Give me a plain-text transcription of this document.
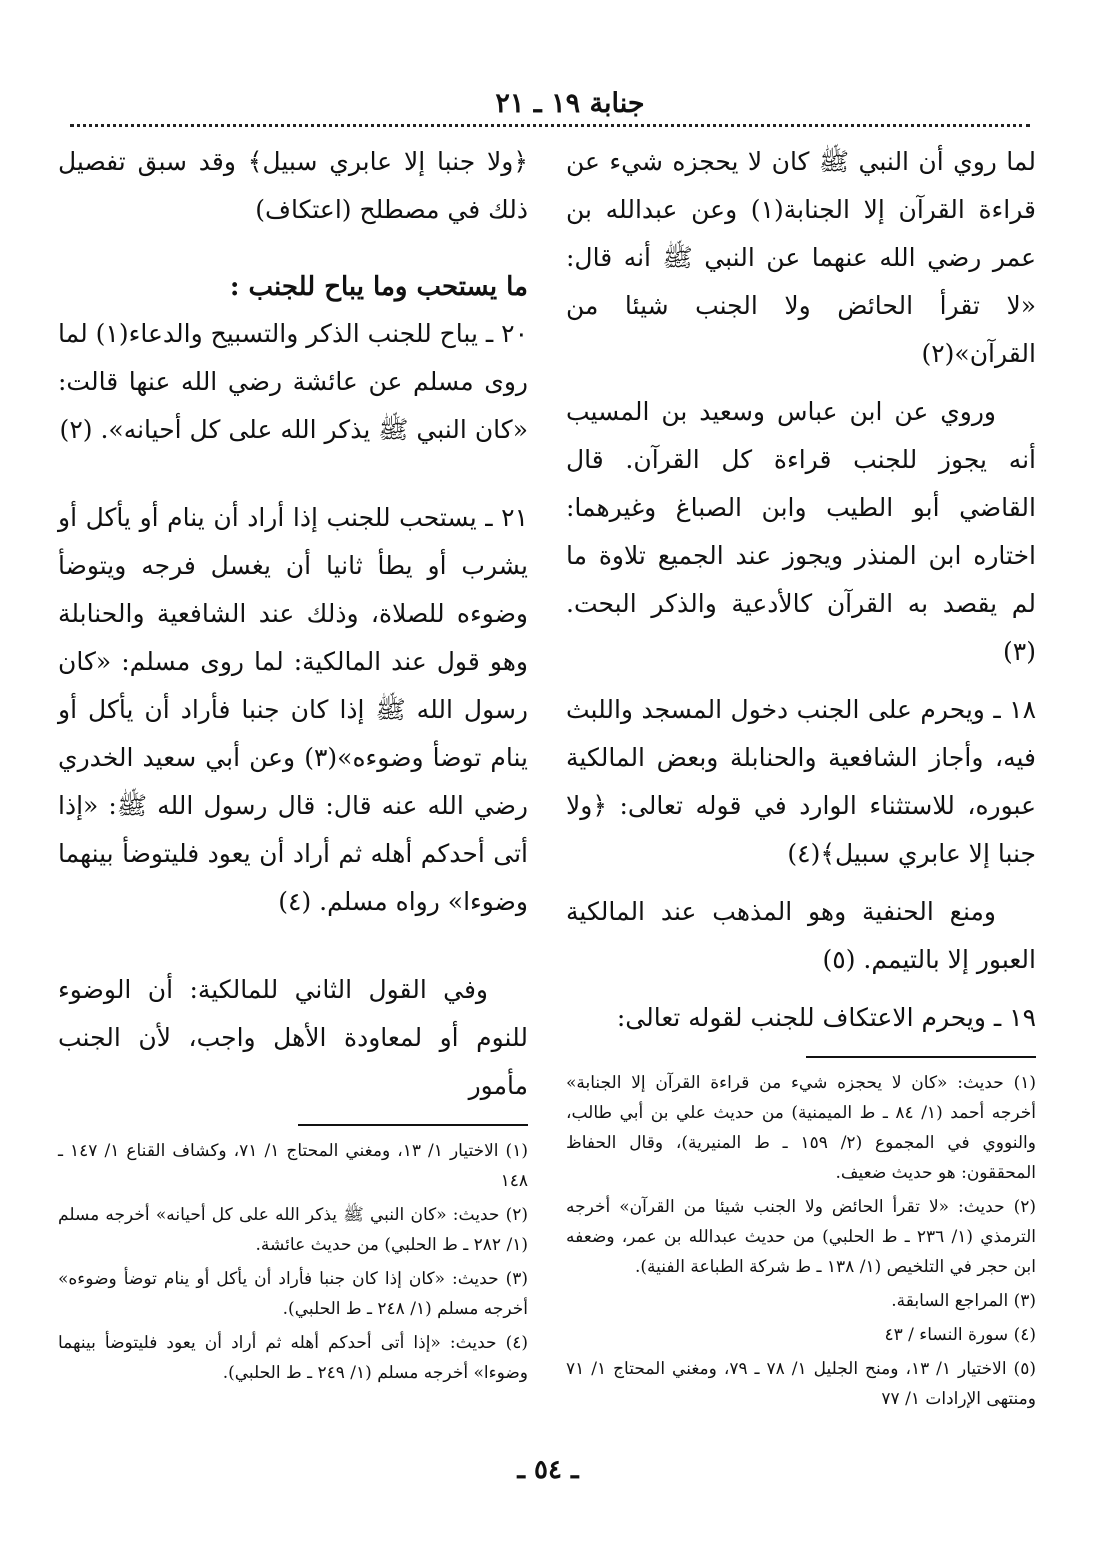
جنابة ١٩ ـ ٢١

لما روي أن النبي ﷺ كان لا يحجزه شيء عن قراءة القرآن إلا الجنابة(١) وعن عبدالله بن عمر رضي الله عنهما عن النبي ﷺ أنه قال: «لا تقرأ الحائض ولا الجنب شيئا من القرآن»(٢)

وروي عن ابن عباس وسعيد بن المسيب أنه يجوز للجنب قراءة كل القرآن. قال القاضي أبو الطيب وابن الصباغ وغيرهما: اختاره ابن المنذر ويجوز عند الجميع تلاوة ما لم يقصد به القرآن كالأدعية والذكر البحت. (٣)

١٨ ـ ويحرم على الجنب دخول المسجد واللبث فيه، وأجاز الشافعية والحنابلة وبعض المالكية عبوره، للاستثناء الوارد في قوله تعالى: ﴿ولا جنبا إلا عابري سبيل﴾(٤)

ومنع الحنفية وهو المذهب عند المالكية العبور إلا بالتيمم. (٥)

١٩ ـ ويحرم الاعتكاف للجنب لقوله تعالى:

(١) حديث: «كان لا يحجزه شيء من قراءة القرآن إلا الجنابة» أخرجه أحمد (١/ ٨٤ ـ ط الميمنية) من حديث علي بن أبي طالب، والنووي في المجموع (٢/ ١٥٩ ـ ط المنيرية)، وقال الحفاظ المحققون: هو حديث ضعيف.
(٢) حديث: «لا تقرأ الحائض ولا الجنب شيئا من القرآن» أخرجه الترمذي (١/ ٢٣٦ ـ ط الحلبي) من حديث عبدالله بن عمر، وضعفه ابن حجر في التلخيص (١/ ١٣٨ ـ ط شركة الطباعة الفنية).
(٣) المراجع السابقة.
(٤) سورة النساء / ٤٣
(٥) الاختيار ١/ ١٣، ومنح الجليل ١/ ٧٨ ـ ٧٩، ومغني المحتاج ١/ ٧١ ومنتهى الإرادات ١/ ٧٧

﴿ولا جنبا إلا عابري سبيل﴾ وقد سبق تفصيل ذلك في مصطلح (اعتكاف)

ما يستحب وما يباح للجنب :

٢٠ ـ يباح للجنب الذكر والتسبيح والدعاء(١) لما روى مسلم عن عائشة رضي الله عنها قالت: «كان النبي ﷺ يذكر الله على كل أحيانه». (٢)

٢١ ـ يستحب للجنب إذا أراد أن ينام أو يأكل أو يشرب أو يطأ ثانيا أن يغسل فرجه ويتوضأ وضوءه للصلاة، وذلك عند الشافعية والحنابلة وهو قول عند المالكية: لما روى مسلم: «كان رسول الله ﷺ إذا كان جنبا فأراد أن يأكل أو ينام توضأ وضوءه»(٣) وعن أبي سعيد الخدري رضي الله عنه قال: قال رسول الله ﷺ: «إذا أتى أحدكم أهله ثم أراد أن يعود فليتوضأ بينهما وضوءا» رواه مسلم. (٤)

وفي القول الثاني للمالكية: أن الوضوء للنوم أو لمعاودة الأهل واجب، لأن الجنب مأمور

(١) الاختيار ١/ ١٣، ومغني المحتاج ١/ ٧١، وكشاف القناع ١/ ١٤٧ ـ ١٤٨
(٢) حديث: «كان النبي ﷺ يذكر الله على كل أحيانه» أخرجه مسلم (١/ ٢٨٢ ـ ط الحلبي) من حديث عائشة.
(٣) حديث: «كان إذا كان جنبا فأراد أن يأكل أو ينام توضأ وضوءه» أخرجه مسلم (١/ ٢٤٨ ـ ط الحلبي).
(٤) حديث: «إذا أتى أحدكم أهله ثم أراد أن يعود فليتوضأ بينهما وضوءا» أخرجه مسلم (١/ ٢٤٩ ـ ط الحلبي).
ـ ٥٤ ـ
